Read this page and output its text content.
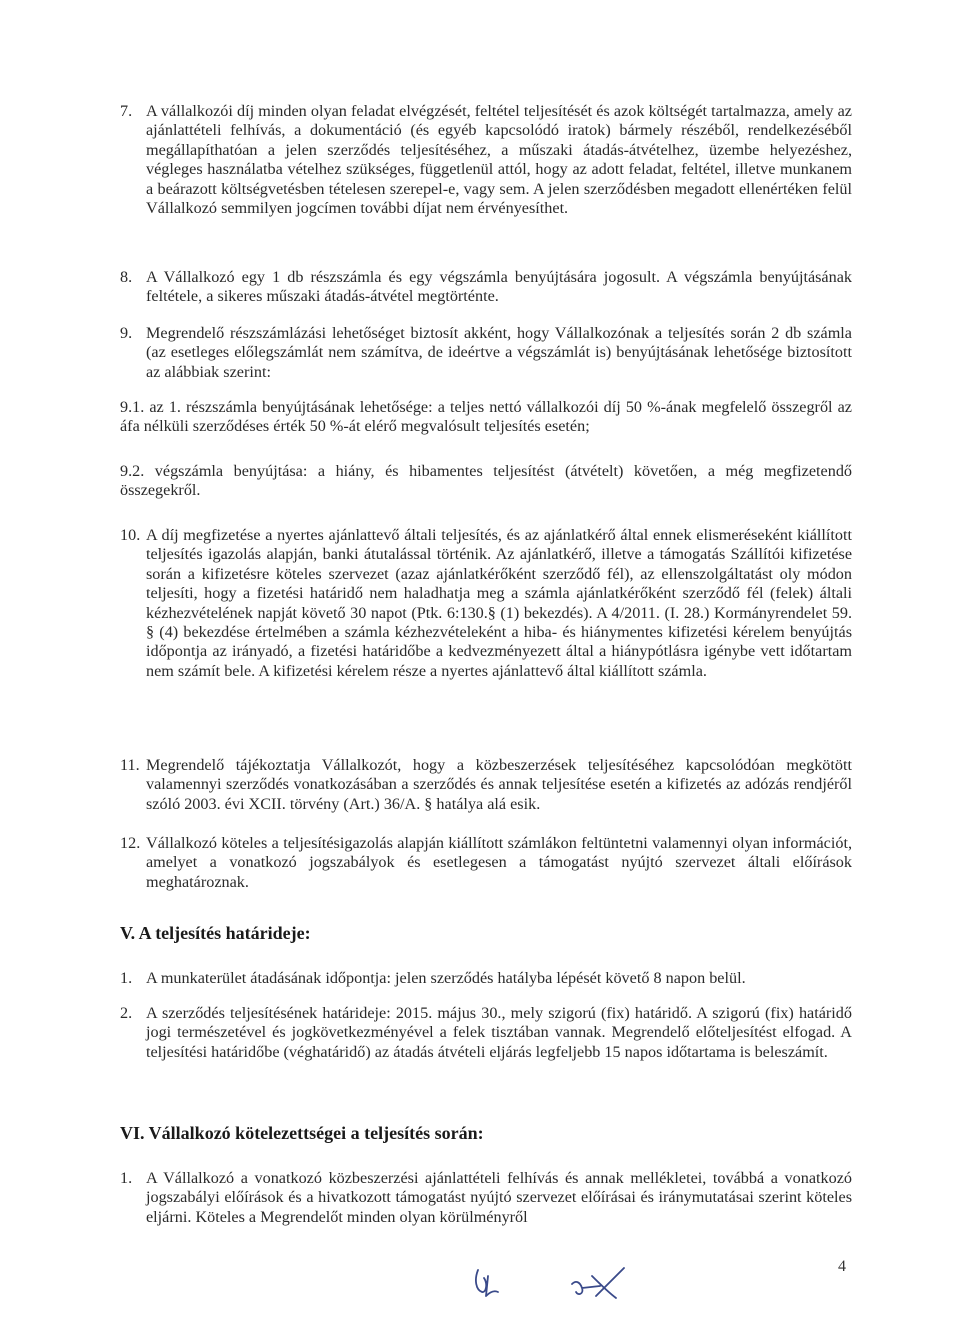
7. A vállalkozói díj minden olyan feladat elvégzését, feltétel teljesítését és azok költségét tartalmazza, amely az ajánlattételi felhívás, a dokumentáció (és egyéb kapcsolódó iratok) bármely részéből, rendelkezéséből megállapíthatóan a jelen szerződés teljesítéséhez, a műszaki átadás-átvételhez, üzembe helyezéshez, végleges használatba vételhez szükséges, függetlenül attól, hogy az adott feladat, feltétel, illetve munkanem a beárazott költségvetésben tételesen szerepel-e, vagy sem. A jelen szerződésben megadott ellenértéken felül Vállalkozó semmilyen jogcímen további díjat nem érvényesíthet.

8. A Vállalkozó egy 1 db részszámla és egy végszámla benyújtására jogosult. A végszámla benyújtásának feltétele, a sikeres műszaki átadás-átvétel megtörténte.

9. Megrendelő részszámlázási lehetőséget biztosít akként, hogy Vállalkozónak a teljesítés során 2 db számla (az esetleges előlegszámlát nem számítva, de ideértve a végszámlát is) benyújtásának lehetősége biztosított az alábbiak szerint:

9.1. az 1. részszámla benyújtásának lehetősége: a teljes nettó vállalkozói díj 50 %-ának megfelelő összegről az áfa nélküli szerződéses érték 50 %-át elérő megvalósult teljesítés esetén;

9.2. végszámla benyújtása: a hiány, és hibamentes teljesítést (átvételt) követően, a még megfizetendő összegekről.

10. A díj megfizetése a nyertes ajánlattevő általi teljesítés, és az ajánlatkérő által ennek elismeréseként kiállított teljesítés igazolás alapján, banki átutalással történik. Az ajánlatkérő, illetve a támogatás Szállítói kifizetése során a kifizetésre köteles szervezet (azaz ajánlatkérőként szerződő fél), az ellenszolgáltatást oly módon teljesíti, hogy a fizetési határidő nem haladhatja meg a számla ajánlatkérőként szerződő fél (felek) általi kézhezvételének napját követő 30 napot (Ptk. 6:130.§ (1) bekezdés). A 4/2011. (I. 28.) Kormányrendelet 59. § (4) bekezdése értelmében a számla kézhezvételeként a hiba- és hiánymentes kifizetési kérelem benyújtás időpontja az irányadó, a fizetési határidőbe a kedvezményezett által a hiánypótlásra igénybe vett időtartam nem számít bele. A kifizetési kérelem része a nyertes ajánlattevő által kiállított számla.

11. Megrendelő tájékoztatja Vállalkozót, hogy a közbeszerzések teljesítéséhez kapcsolódóan megkötött valamennyi szerződés vonatkozásában a szerződés és annak teljesítése esetén a kifizetés az adózás rendjéről szóló 2003. évi XCII. törvény (Art.) 36/A. § hatálya alá esik.

12. Vállalkozó köteles a teljesítésigazolás alapján kiállított számlákon feltüntetni valamennyi olyan információt, amelyet a vonatkozó jogszabályok és esetlegesen a támogatást nyújtó szervezet általi előírások meghatároznak.

V. A teljesítés határideje:
1. A munkaterület átadásának időpontja: jelen szerződés hatályba lépését követő 8 napon belül.

2. A szerződés teljesítésének határideje: 2015. május 30., mely szigorú (fix) határidő. A szigorú (fix) határidő jogi természetével és jogkövetkezményével a felek tisztában vannak. Megrendelő előteljesítést elfogad. A teljesítési határidőbe (véghatáridő) az átadás átvételi eljárás legfeljebb 15 napos időtartama is beleszámít.

VI. Vállalkozó kötelezettségei a teljesítés során:
1. A Vállalkozó a vonatkozó közbeszerzési ajánlattételi felhívás és annak mellékletei, továbbá a vonatkozó jogszabályi előírások és a hivatkozott támogatást nyújtó szervezet előírásai és iránymutatásai szerint köteles eljárni. Köteles a Megrendelőt minden olyan körülményről

4
